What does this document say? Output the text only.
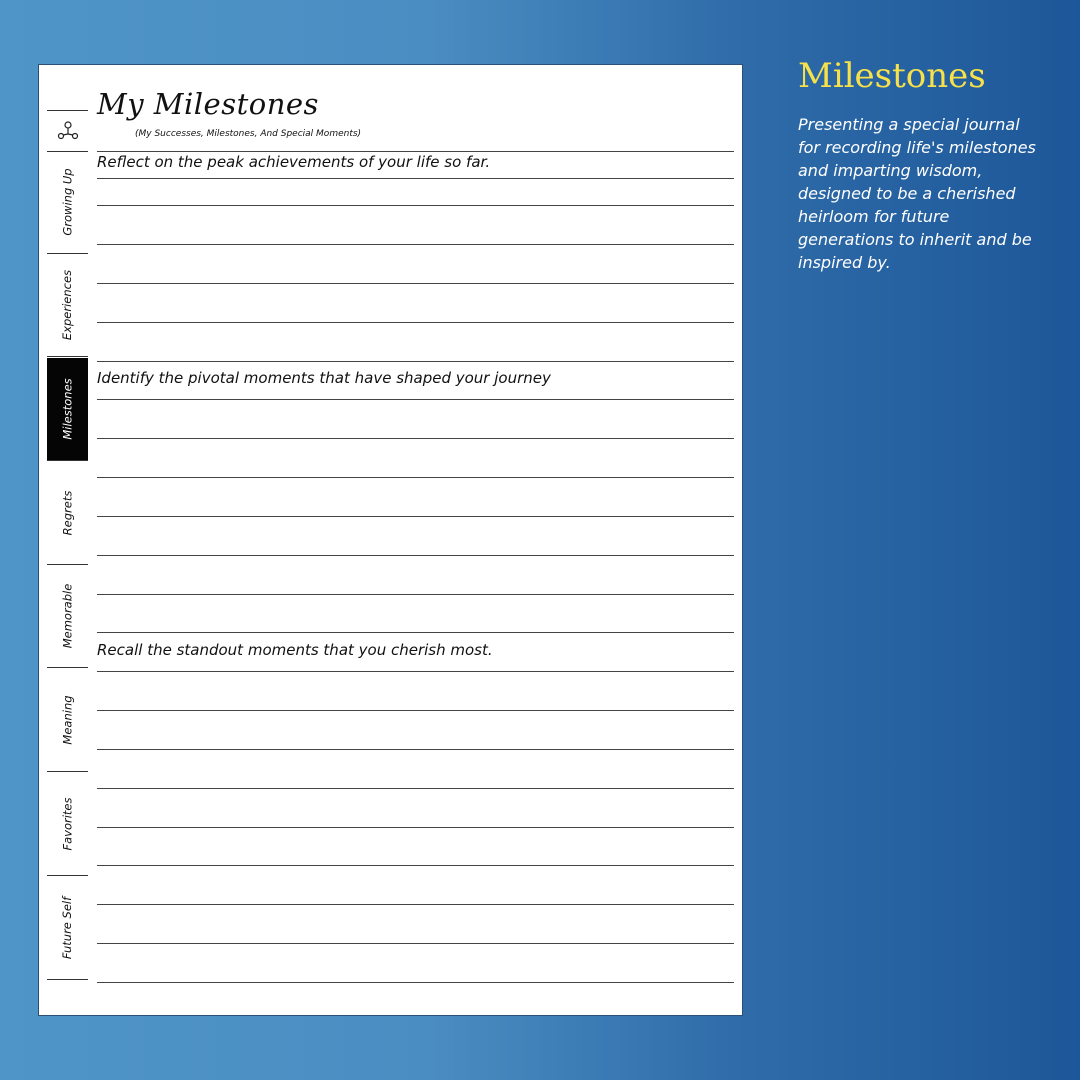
My Milestones
(My Successes, Milestones, And Special Moments)
Growing Up
Experiences
Milestones
Regrets
Memorable
Meaning
Favorites
Future Self

Reflect on the peak achievements of your life so far.

Identify the pivotal moments that have shaped your journey

Recall the standout moments that you cherish most.

Milestones

Presenting a special journal for recording life's milestones and imparting wisdom, designed to be a cherished heirloom for future generations to inherit and be inspired by.
